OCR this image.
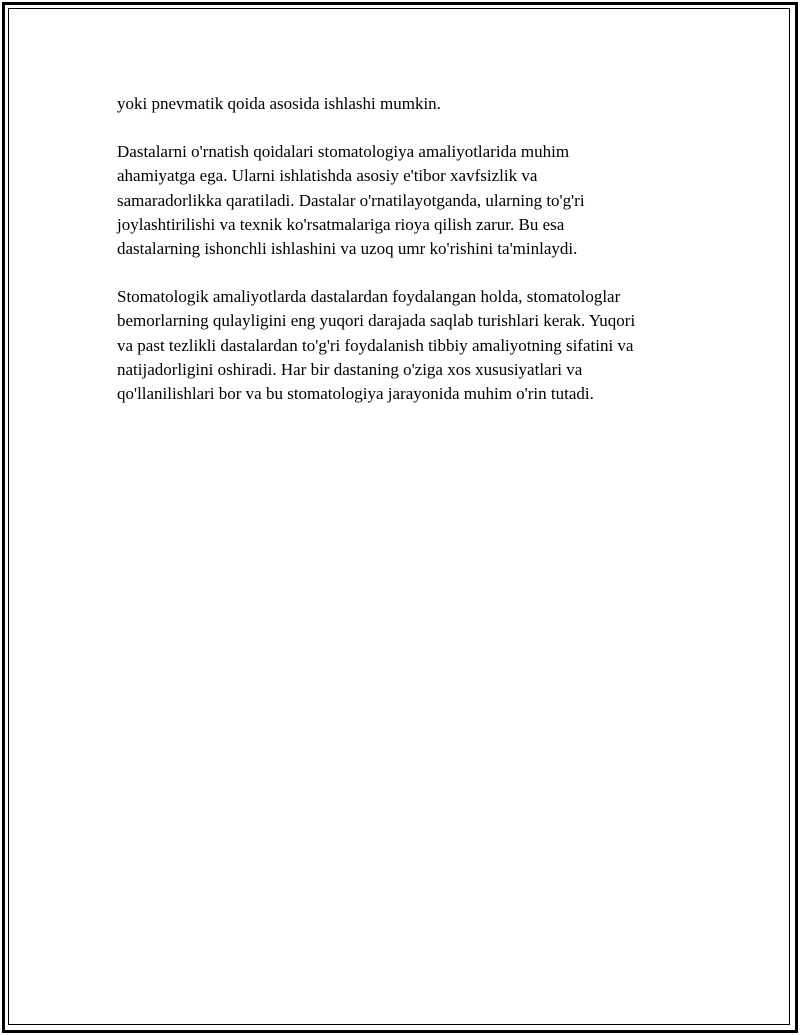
yoki pnevmatik qoida asosida ishlashi mumkin.

Dastalarni o'rnatish qoidalari stomatologiya amaliyotlarida muhim
ahamiyatga ega. Ularni ishlatishda asosiy e'tibor xavfsizlik va
samaradorlikka qaratiladi. Dastalar o'rnatilayotganda, ularning to'g'ri
joylashtirilishi va texnik ko'rsatmalariga rioya qilish zarur. Bu esa
dastalarning ishonchli ishlashini va uzoq umr ko'rishini ta'minlaydi.

Stomatologik amaliyotlarda dastalardan foydalangan holda, stomatologlar
bemorlarning qulayligini eng yuqori darajada saqlab turishlari kerak. Yuqori
va past tezlikli dastalardan to'g'ri foydalanish tibbiy amaliyotning sifatini va
natijadorligini oshiradi. Har bir dastaning o'ziga xos xususiyatlari va
qo'llanilishlari bor va bu stomatologiya jarayonida muhim o'rin tutadi.
